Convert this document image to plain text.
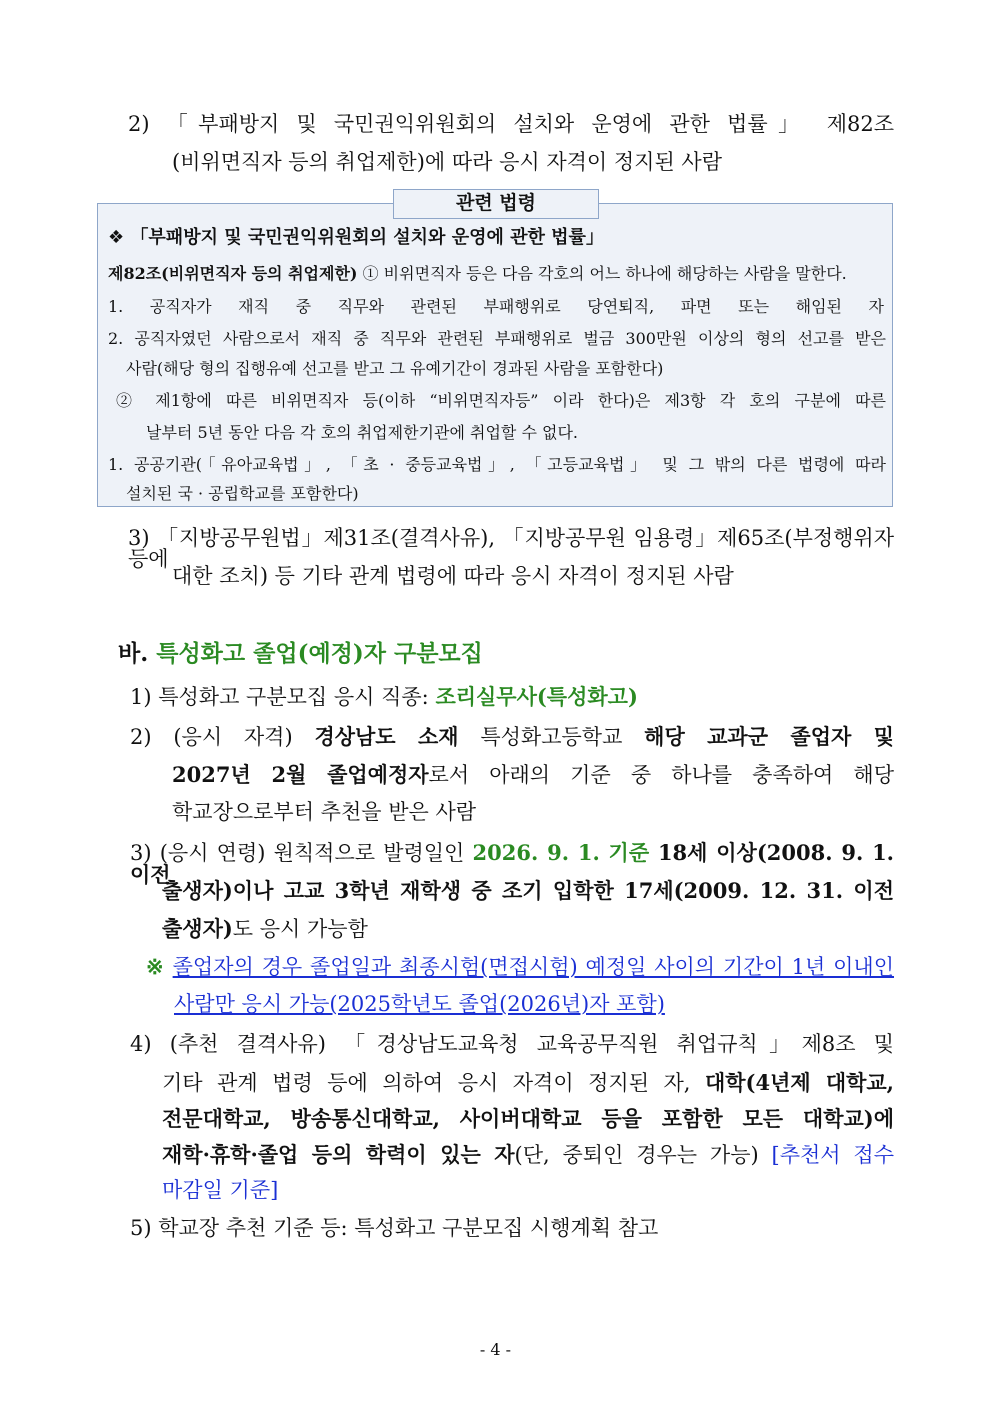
2) 「부패방지 및 국민권익위원회의 설치와 운영에 관한 법률」 제82조
(비위면직자 등의 취업제한)에 따라 응시 자격이 정지된 사람
관련 법령
❖ 「부패방지 및 국민권익위원회의 설치와 운영에 관한 법률」
제82조(비위면직자 등의 취업제한) ① 비위면직자 등은 다음 각호의 어느 하나에 해당하는 사람을 말한다.
1. 공직자가 재직 중 직무와 관련된 부패행위로 당연퇴직, 파면 또는 해임된 자
2. 공직자였던 사람으로서 재직 중 직무와 관련된 부패행위로 벌금 300만원 이상의 형의 선고를 받은
사람(해당 형의 집행유예 선고를 받고 그 유예기간이 경과된 사람을 포함한다)
② 제1항에 따른 비위면직자 등(이하 “비위면직자등” 이라 한다)은 제3항 각 호의 구분에 따른
날부터 5년 동안 다음 각 호의 취업제한기관에 취업할 수 없다.
1. 공공기관(「유아교육법」, 「초 · 중등교육법」, 「고등교육법」 및 그 밖의 다른 법령에 따라
설치된 국 · 공립학교를 포함한다)
3) 「지방공무원법」제31조(결격사유), 「지방공무원 임용령」제65조(부정행위자 등에
대한 조치) 등 기타 관계 법령에 따라 응시 자격이 정지된 사람
바. 특성화고 졸업(예정)자 구분모집
1) 특성화고 구분모집 응시 직종: 조리실무사(특성화고)
2) (응시 자격) 경상남도 소재 특성화고등학교 해당 교과군 졸업자 및
2027년 2월 졸업예정자로서 아래의 기준 중 하나를 충족하여 해당
학교장으로부터 추천을 받은 사람
3) (응시 연령) 원칙적으로 발령일인 2026. 9. 1. 기준 18세 이상(2008. 9. 1. 이전
출생자)이나 고교 3학년 재학생 중 조기 입학한 17세(2009. 12. 31. 이전
출생자)도 응시 가능함
※ 졸업자의 경우 졸업일과 최종시험(면접시험) 예정일 사이의 기간이 1년 이내인
사람만 응시 가능(2025학년도 졸업(2026년)자 포함)
4) (추천 결격사유) 「경상남도교육청 교육공무직원 취업규칙」제8조 및
기타 관계 법령 등에 의하여 응시 자격이 정지된 자, 대학(4년제 대학교,
전문대학교, 방송통신대학교, 사이버대학교 등을 포함한 모든 대학교)에
재학·휴학·졸업 등의 학력이 있는 자(단, 중퇴인 경우는 가능) [추천서 접수
마감일 기준]
5) 학교장 추천 기준 등: 특성화고 구분모집 시행계획 참고
- 4 -
